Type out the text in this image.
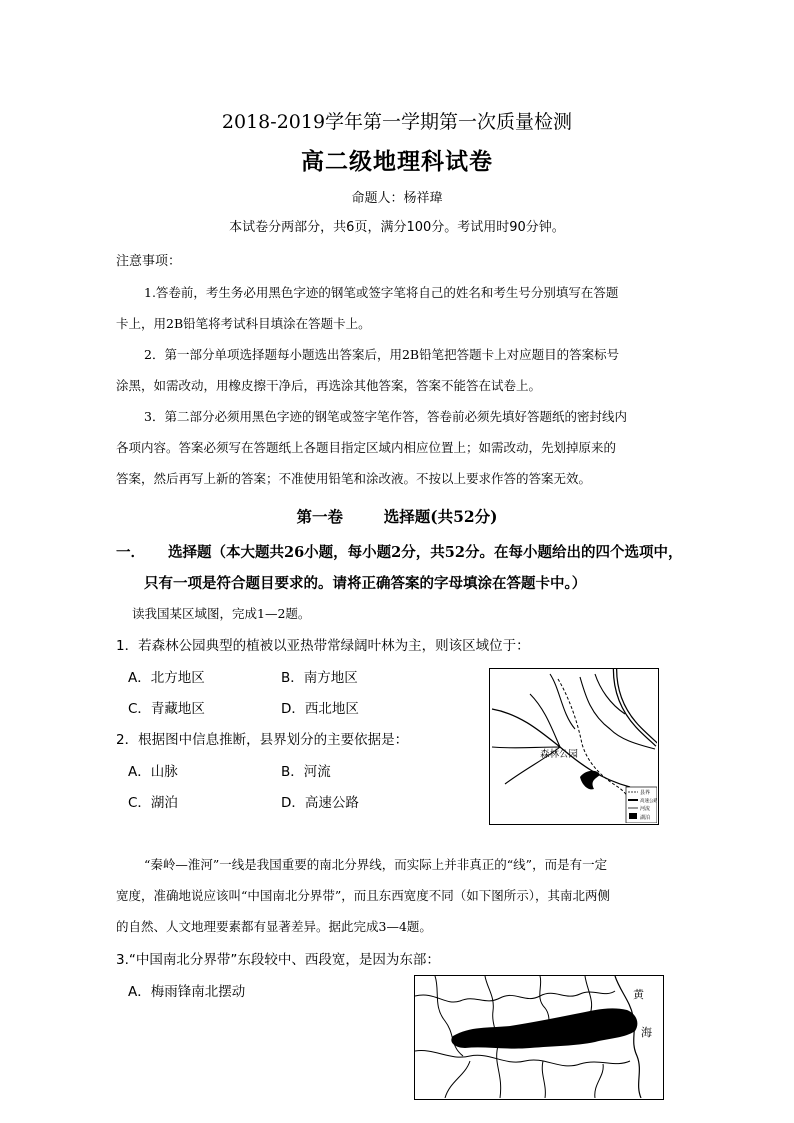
2018-2019学年第一学期第一次质量检测
高二级地理科试卷
命题人：杨祥瑋
本试卷分两部分，共6页，满分100分。考试用时90分钟。
注意事项：
1.答卷前，考生务必用黑色字迹的钢笔或签字笔将自己的姓名和考生号分别填写在答题
卡上，用2B铅笔将考试科目填涂在答题卡上。
2．第一部分单项选择题每小题选出答案后，用2B铅笔把答题卡上对应题目的答案标号
涂黑，如需改动，用橡皮擦干净后，再选涂其他答案，答案不能答在试卷上。
3．第二部分必须用黑色字迹的钢笔或签字笔作答，答卷前必须先填好答题纸的密封线内
各项内容。答案必须写在答题纸上各题目指定区域内相应位置上；如需改动，先划掉原来的
答案，然后再写上新的答案；不准使用铅笔和涂改液。不按以上要求作答的答案无效。
第一卷	选择题(共52分)
一． 选择题（本大题共26小题，每小题2分，共52分。在每小题给出的四个选项中，
只有一项是符合题目要求的。请将正确答案的字母填涂在答题卡中。）
读我国某区域图，完成1—2题。
1．若森林公园典型的植被以亚热带常绿阔叶林为主，则该区域位于：
A．北方地区	B．南方地区
C．青藏地区	D．西北地区
2．根据图中信息推断，县界划分的主要依据是：
A．山脉	B．河流
C．湖泊	D．高速公路
森林公园
县界
高速公路
河流
湖泊
“秦岭—淮河”一线是我国重要的南北分界线，而实际上并非真正的“线”，而是有一定
宽度，准确地说应该叫“中国南北分界带”，而且东西宽度不同（如下图所示），其南北两侧
的自然、人文地理要素都有显著差异。据此完成3—4题。
3.“中国南北分界带”东段较中、西段宽，是因为东部：
A．梅雨锋南北摆动	黄
海
